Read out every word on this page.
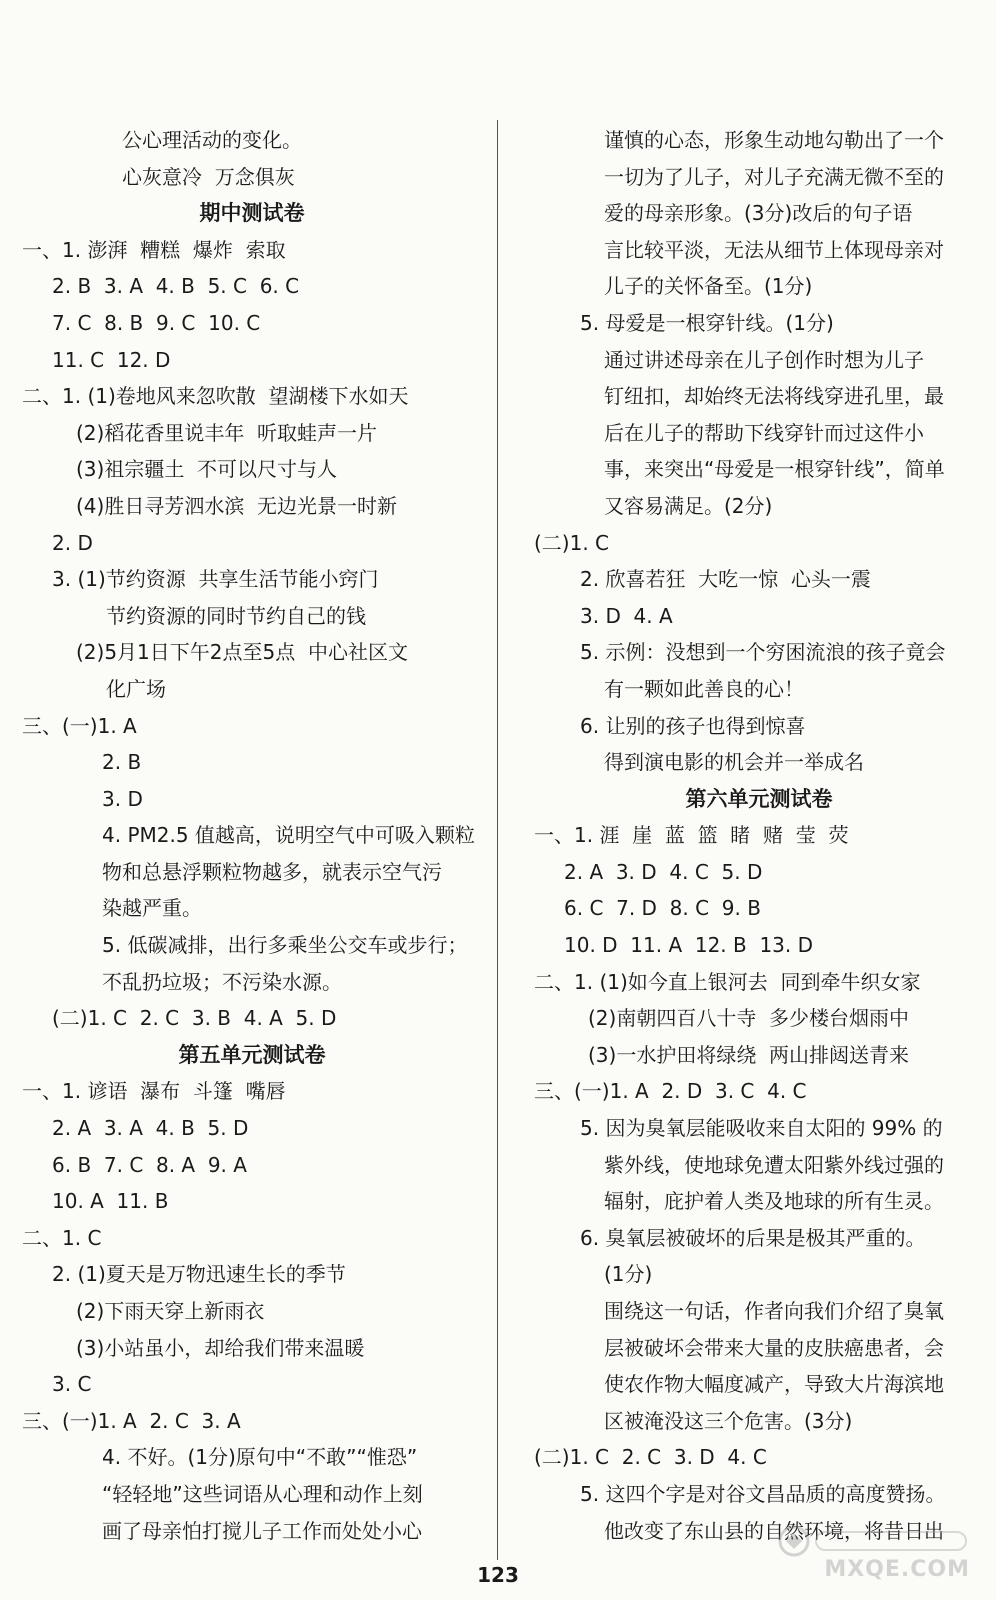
公心理活动的变化。
心灰意冷  万念俱灰
期中测试卷
一、1. 澎湃  糟糕  爆炸  索取
2. B  3. A  4. B  5. C  6. C
7. C  8. B  9. C  10. C
11. C  12. D
二、1. (1)卷地风来忽吹散  望湖楼下水如天
(2)稻花香里说丰年  听取蛙声一片
(3)祖宗疆土  不可以尺寸与人
(4)胜日寻芳泗水滨  无边光景一时新
2. D
3. (1)节约资源  共享生活节能小窍门
节约资源的同时节约自己的钱
(2)5月1日下午2点至5点  中心社区文
化广场
三、(一)1. A
2. B
3. D
4. PM2.5 值越高，说明空气中可吸入颗粒
物和总悬浮颗粒物越多，就表示空气污
染越严重。
5. 低碳减排，出行多乘坐公交车或步行；
不乱扔垃圾；不污染水源。
(二)1. C  2. C  3. B  4. A  5. D
第五单元测试卷
一、1. 谚语  瀑布  斗篷  嘴唇
2. A  3. A  4. B  5. D
6. B  7. C  8. A  9. A
10. A  11. B
二、1. C
2. (1)夏天是万物迅速生长的季节
(2)下雨天穿上新雨衣
(3)小站虽小，却给我们带来温暖
3. C
三、(一)1. A  2. C  3. A
4. 不好。(1分)原句中“不敢”“惟恐”
“轻轻地”这些词语从心理和动作上刻
画了母亲怕打搅儿子工作而处处小心
谨慎的心态，形象生动地勾勒出了一个
一切为了儿子，对儿子充满无微不至的
爱的母亲形象。(3分)改后的句子语
言比较平淡，无法从细节上体现母亲对
儿子的关怀备至。(1分)
5. 母爱是一根穿针线。(1分)
通过讲述母亲在儿子创作时想为儿子
钉纽扣，却始终无法将线穿进孔里，最
后在儿子的帮助下线穿针而过这件小
事，来突出“母爱是一根穿针线”，简单
又容易满足。(2分)
(二)1. C
2. 欣喜若狂  大吃一惊  心头一震
3. D  4. A
5. 示例：没想到一个穷困流浪的孩子竟会
有一颗如此善良的心！
6. 让别的孩子也得到惊喜
得到演电影的机会并一举成名
第六单元测试卷
一、1. 涯  崖  蓝  篮  睹  赌  莹  荧
2. A  3. D  4. C  5. D
6. C  7. D  8. C  9. B
10. D  11. A  12. B  13. D
二、1. (1)如今直上银河去  同到牵牛织女家
(2)南朝四百八十寺  多少楼台烟雨中
(3)一水护田将绿绕  两山排闼送青来
三、(一)1. A  2. D  3. C  4. C
5. 因为臭氧层能吸收来自太阳的 99% 的
紫外线，使地球免遭太阳紫外线过强的
辐射，庇护着人类及地球的所有生灵。
6. 臭氧层被破坏的后果是极其严重的。
(1分)
围绕这一句话，作者向我们介绍了臭氧
层被破坏会带来大量的皮肤癌患者，会
使农作物大幅度减产，导致大片海滨地
区被淹没这三个危害。(3分)
(二)1. C  2. C  3. D  4. C
5. 这四个字是对谷文昌品质的高度赞扬。
他改变了东山县的自然环境，将昔日出
123	MXQE.COM
